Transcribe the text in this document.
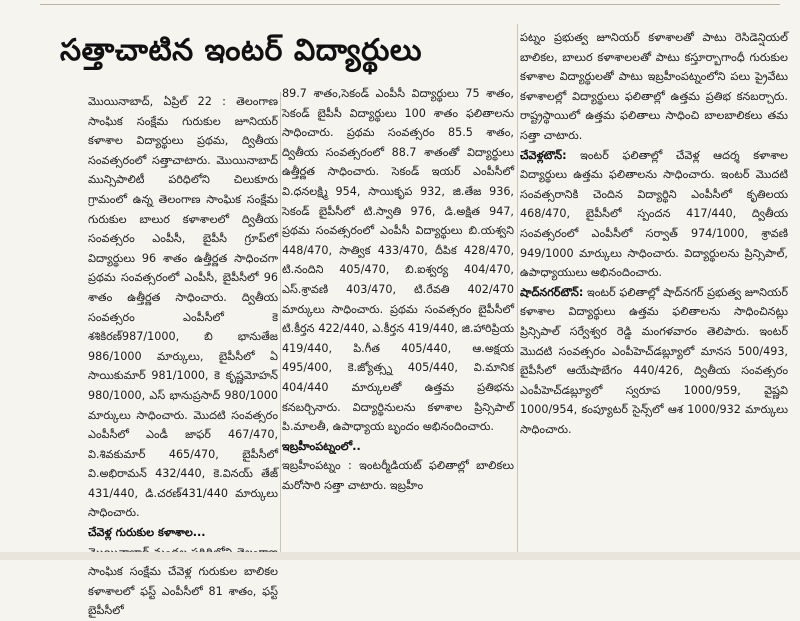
సత్తాచాటిన ఇంటర్ విద్యార్థులు

మొయినాబాద్, ఏప్రిల్ 22 : తెలంగాణ సాంఘిక సంక్షేమ గురుకుల జూనియర్ కళాశాల విద్యార్థులు ప్రథమ, ద్వితీయ సంవత్సరంలో సత్తాచాటారు. మొయినాబాద్ మున్సిపాలిటీ పరిధిలోని చిలుకూరు గ్రామంలో ఉన్న తెలంగాణ సాంఘిక సంక్షేమ గురుకుల బాలుర కళాశాలలో ద్వితీయ సంవత్సరం ఎంపీసీ, బైపీసీ గ్రూప్‌లో విద్యార్థులు 96 శాతం ఉత్తీర్ణత సాధించగా ప్రథమ సంవత్సరంలో ఎంపీసీ, బైపీసీలో 96 శాతం ఉత్తీర్ణత సాధించారు. ద్వితీయ సంవత్సరం ఎంపీసీలో కె శశికిరణ్‌987/1000, బి భానుతేజ 986/1000 మార్కులు, బైపీసీలో ఏ సాయికుమార్ 981/1000, కె కృష్ణమోహన్ 980/1000, ఎస్ భానుప్రసాద్ 980/1000 మార్కులు సాధించారు. మొదటి సంవత్సరం ఎంపీసీలో ఎండీ జాఫర్ 467/470, వి.శివకుమార్ 465/470, బైపీసీలో వి.అభిరామన్ 432/440, కె.వినయ్ తేజ్ 431/440, డి.చరణ్‌431/440 మార్కులు సాధించారు.

చేవెళ్ల గురుకుల కళాశాల...

సాంఘిక సంక్షేమ చేవెళ్ల గురుకుల బాలికల కళాశాలలో ఫస్ట్ ఎంపీసీలో 81 శాతం, ఫస్ట్ బైపీసీలో

89.7 శాతం,సెకండ్ ఎంపీసీ విద్యార్థులు 75 శాతం, సెకండ్ బైపీసీ విద్యార్థులు 100 శాతం ఫలితాలను సాధించారు. ప్రథమ సంవత్సరం 85.5 శాతం, ద్వితీయ సంవత్సరంలో 88.7 శాతంతో విద్యార్థులు ఉత్తీర్ణత సాధించారు. సెకండ్ ఇయర్ ఎంపీసీలో వి.ధనలక్ష్మి 954, సాయికృప 932, జి.తేజ 936, సెకండ్ బైపీసీలో టి.స్వాతి 976, డి.అక్షిత 947, ప్రథమ సంవత్సరంలో ఎంపీసీ విద్యార్థులు బి.యశ్వని 448/470, సాత్విక 433/470, దీపిక 428/470, టి.నందిని 405/470, బి.ఐశ్వర్య 404/470, ఎస్.శ్రావణి 403/470, టి.రేవతి 402/470 మార్కులు సాధించారు. ప్రథమ సంవత్సరం బైపీసీలో టి.కీర్తన 422/440, ఎ.కీర్తన 419/440, జి.హారిప్రియ 419/440, పి.గీత 405/440, ఆ.అక్షయ 495/400, కె.జ్యోత్స్న 405/440, వి.మానిక 404/440 మార్కులతో ఉత్తమ ప్రతిభను కనబర్చినారు. విద్యార్థినులను కళాశాల ప్రిన్సిపాల్ పి.మాలతీ, ఉపాధ్యాయ బృందం అభినందించారు.

ఇబ్రహీంపట్నంలో..

ఇబ్రహీంపట్నం : ఇంటర్మీడియట్ ఫలితాల్లో బాలికలు మరోసారి సత్తా చాటారు. ఇబ్రహీం

పట్నం ప్రభుత్వ జూనియర్ కళాశాలతో పాటు రెసిడెన్షియల్ బాలికల, బాలుర కళాశాలలతో పాటు కస్తూర్బాగాంధీ గురుకుల కళాశాల విద్యార్థులతో పాటు ఇబ్రహీంపట్నంలోని పలు ప్రైవేటు కళాశాలల్లో విద్యార్థులు ఫలితాల్లో ఉత్తమ ప్రతిభ కనబర్చారు. రాష్ట్రస్థాయిలో ఉత్తమ ఫలితాలు సాధించి బాలబాలికలు తమ సత్తా చాటారు.

చేవెళ్లటౌన్: ఇంటర్ ఫలితాల్లో చేవెళ్ల ఆదర్శ కళాశాల విద్యార్థులు ఉత్తమ ఫలితాలను సాధించారు. ఇంటర్ మొదటి సంవత్సరానికి చెందిన విద్యార్థిని ఎంపీసీలో కృతిలయ 468/470, బైపీసీలో స్పందన 417/440, ద్వితీయ సంవత్సరంలో ఎంపీసీలో సర్వాత్ 974/1000, శ్రావణి 949/1000 మార్కులు సాధించారు. విద్యార్థులను ప్రిన్సిపాల్, ఉపాధ్యాయులు అభినందించారు.

షాద్‌నగర్‌టౌన్: ఇంటర్ ఫలితాల్లో షాద్‌నగర్ ప్రభుత్వ జూనియర్ కళాశాల విద్యార్థులు ఉత్తమ ఫలితాలను సాధించినట్లు ప్రిన్సిపాల్ సర్వేశ్వర రెడ్డి మంగళవారం తెలిపారు. ఇంటర్ మొదటి సంవత్సరం ఎంపీహెచ్‌డబ్ల్యూలో మానస 500/493, బైపీసీలో ఆయేషాబేగం 440/426, ద్వితీయ సంవత్సరం ఎంపీహెచ్‌డబ్ల్యూలో స్వరూప 1000/959, వైష్ణవి 1000/954, కంప్యూటర్ సైన్స్‌లో ఆశ 1000/932 మార్కులు సాధించారు.
